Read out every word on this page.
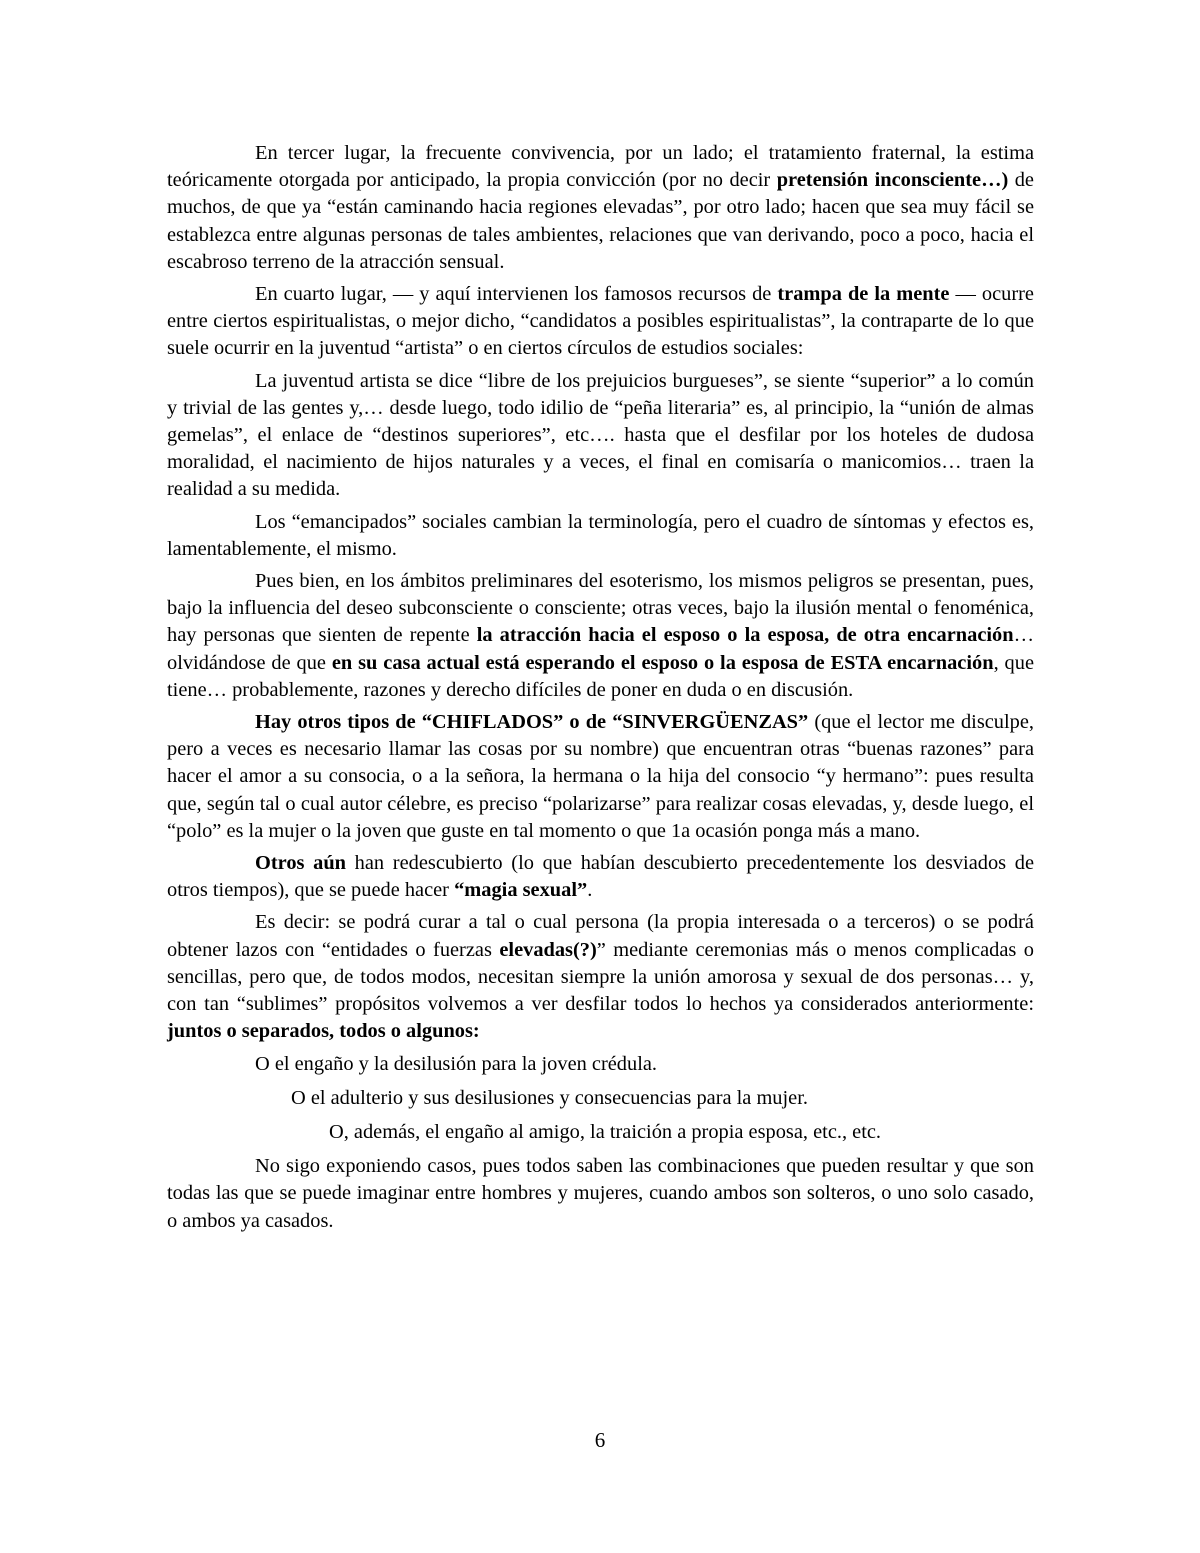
En tercer lugar, la frecuente convivencia, por un lado; el tratamiento fraternal, la estima teóricamente otorgada por anticipado, la propia convicción (por no decir pretensión inconsciente…) de muchos, de que ya “están caminando hacia regiones elevadas”, por otro lado; hacen que sea muy fácil se establezca entre algunas personas de tales ambientes, relaciones que van derivando, poco a poco, hacia el escabroso terreno de la atracción sensual.

En cuarto lugar, — y aquí intervienen los famosos recursos de trampa de la mente — ocurre entre ciertos espiritualistas, o mejor dicho, “candidatos a posibles espiritualistas”, la contraparte de lo que suele ocurrir en la juventud “artista” o en ciertos círculos de estudios sociales:

La juventud artista se dice “libre de los prejuicios burgueses”, se siente “superior” a lo común y trivial de las gentes y,… desde luego, todo idilio de “peña literaria” es, al principio, la “unión de almas gemelas”, el enlace de “destinos superiores”, etc…. hasta que el desfilar por los hoteles de dudosa moralidad, el nacimiento de hijos naturales y a veces, el final en comisaría o manicomios… traen la realidad a su medida.

Los “emancipados” sociales cambian la terminología, pero el cuadro de síntomas y efectos es, lamentablemente, el mismo.

Pues bien, en los ámbitos preliminares del esoterismo, los mismos peligros se presentan, pues, bajo la influencia del deseo subconsciente o consciente; otras veces, bajo la ilusión mental o fenoménica, hay personas que sienten de repente la atracción hacia el esposo o la esposa, de otra encarnación… olvidándose de que en su casa actual está esperando el esposo o la esposa de ESTA encarnación, que tiene… probablemente, razones y derecho difíciles de poner en duda o en discusión.

Hay otros tipos de “CHIFLADOS” o de “SINVERGÜENZAS” (que el lector me disculpe, pero a veces es necesario llamar las cosas por su nombre) que encuentran otras “buenas razones” para hacer el amor a su consocia, o a la señora, la hermana o la hija del consocio “y hermano”: pues resulta que, según tal o cual autor célebre, es preciso “polarizarse” para realizar cosas elevadas, y, desde luego, el “polo” es la mujer o la joven que guste en tal momento o que 1a ocasión ponga más a mano.

Otros aún han redescubierto (lo que habían descubierto precedentemente los desviados de otros tiempos), que se puede hacer “magia sexual”.

Es decir: se podrá curar a tal o cual persona (la propia interesada o a terceros) o se podrá obtener lazos con “entidades o fuerzas elevadas(?)” mediante ceremonias más o menos complicadas o sencillas, pero que, de todos modos, necesitan siempre la unión amorosa y sexual de dos personas… y, con tan “sublimes” propósitos volvemos a ver desfilar todos lo hechos ya considerados anteriormente: juntos o separados, todos o algunos:

O el engaño y la desilusión para la joven crédula.

O el adulterio y sus desilusiones y consecuencias para la mujer.

O, además, el engaño al amigo, la traición a propia esposa, etc., etc.

No sigo exponiendo casos, pues todos saben las combinaciones que pueden resultar y que son todas las que se puede imaginar entre hombres y mujeres, cuando ambos son solteros, o uno solo casado, o ambos ya casados.

6
